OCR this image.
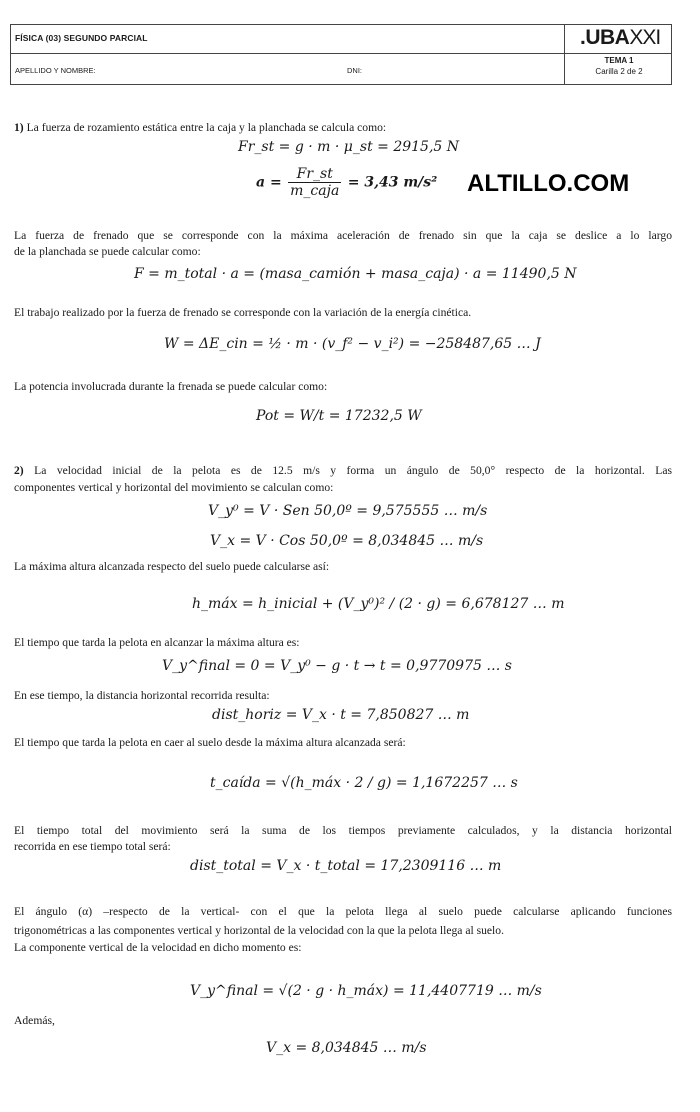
FÍSICA (03) SEGUNDO PARCIAL	.UBAXXI
APELLIDO Y NOMBRE:	DNI:
TEMA 1
Carilla 2 de 2
1) La fuerza de rozamiento estática entre la caja y la planchada se calcula como:
Fr_st = g · m · μ_st = 2915,5 N
$a = \frac{Fr\_st}{\text{m\_caja}} = 3,43$ m/s² ALTILLO.COM
La fuerza de frenado que se corresponde con la máxima aceleración de frenado sin que la caja se deslice a lo largo
de la planchada se puede calcular como:
F = m_total · a = (masa_camión + masa_caja) · a = 11490,5 N
El trabajo realizado por la fuerza de frenado se corresponde con la variación de la energía cinética.
W = ΔE_cin = ½ · m · (v_f² − v_i²) = −258487,65 … J
La potencia involucrada durante la frenada se puede calcular como:
Pot = W/t = 17232,5 W
2) La velocidad inicial de la pelota es de 12.5 m/s y forma un ángulo de 50,0° respecto de la horizontal. Las
componentes vertical y horizontal del movimiento se calculan como:
V_y⁰ = V · Sen 50,0º = 9,575555 … m/s
V_x = V · Cos 50,0º = 8,034845 … m/s
La máxima altura alcanzada respecto del suelo puede calcularse así:
h_máx = h_inicial + (V_y⁰)² / (2 · g) = 6,678127 … m
El tiempo que tarda la pelota en alcanzar la máxima altura es:
V_y^final = 0 = V_y⁰ − g · t → t = 0,9770975 … s
En ese tiempo, la distancia horizontal recorrida resulta:
dist_horiz = V_x · t = 7,850827 … m
El tiempo que tarda la pelota en caer al suelo desde la máxima altura alcanzada será:
t_caída = √(h_máx · 2 / g) = 1,1672257 … s
El tiempo total del movimiento será la suma de los tiempos previamente calculados, y la distancia horizontal
recorrida en ese tiempo total será:
dist_total = V_x · t_total = 17,2309116 … m
El ángulo (α) –respecto de la vertical- con el que la pelota llega al suelo puede calcularse aplicando funciones
trigonométricas a las componentes vertical y horizontal de la velocidad con la que la pelota llega al suelo.
La componente vertical de la velocidad en dicho momento es:
V_y^final = √(2 · g · h_máx) = 11,4407719 … m/s
Además,
V_x = 8,034845 … m/s
